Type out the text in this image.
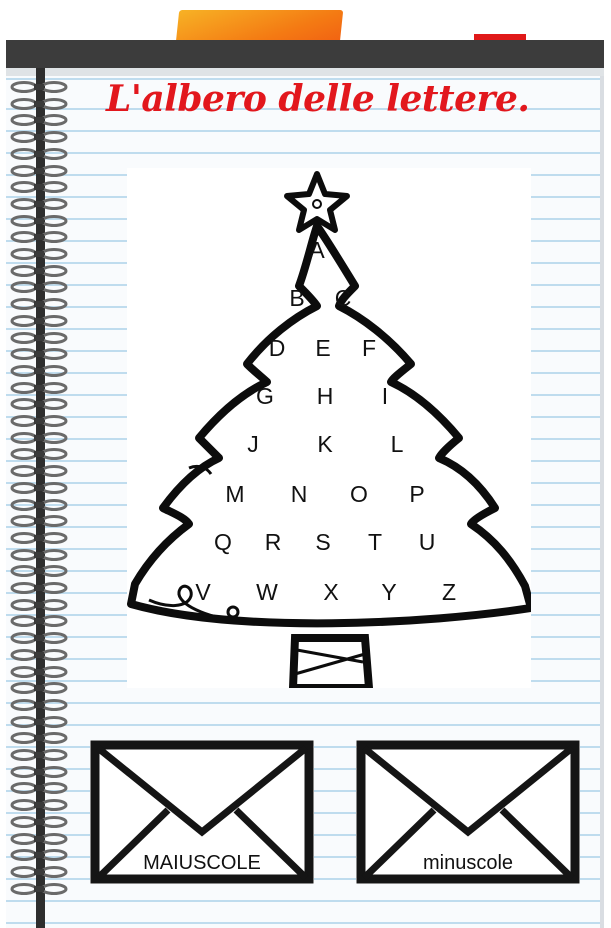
L'albero delle lettere.
A
B C
D E F
G H I
J	K	L
M N O P
Q R S T U
V W X Y Z
MAIUSCOLE	minuscole
